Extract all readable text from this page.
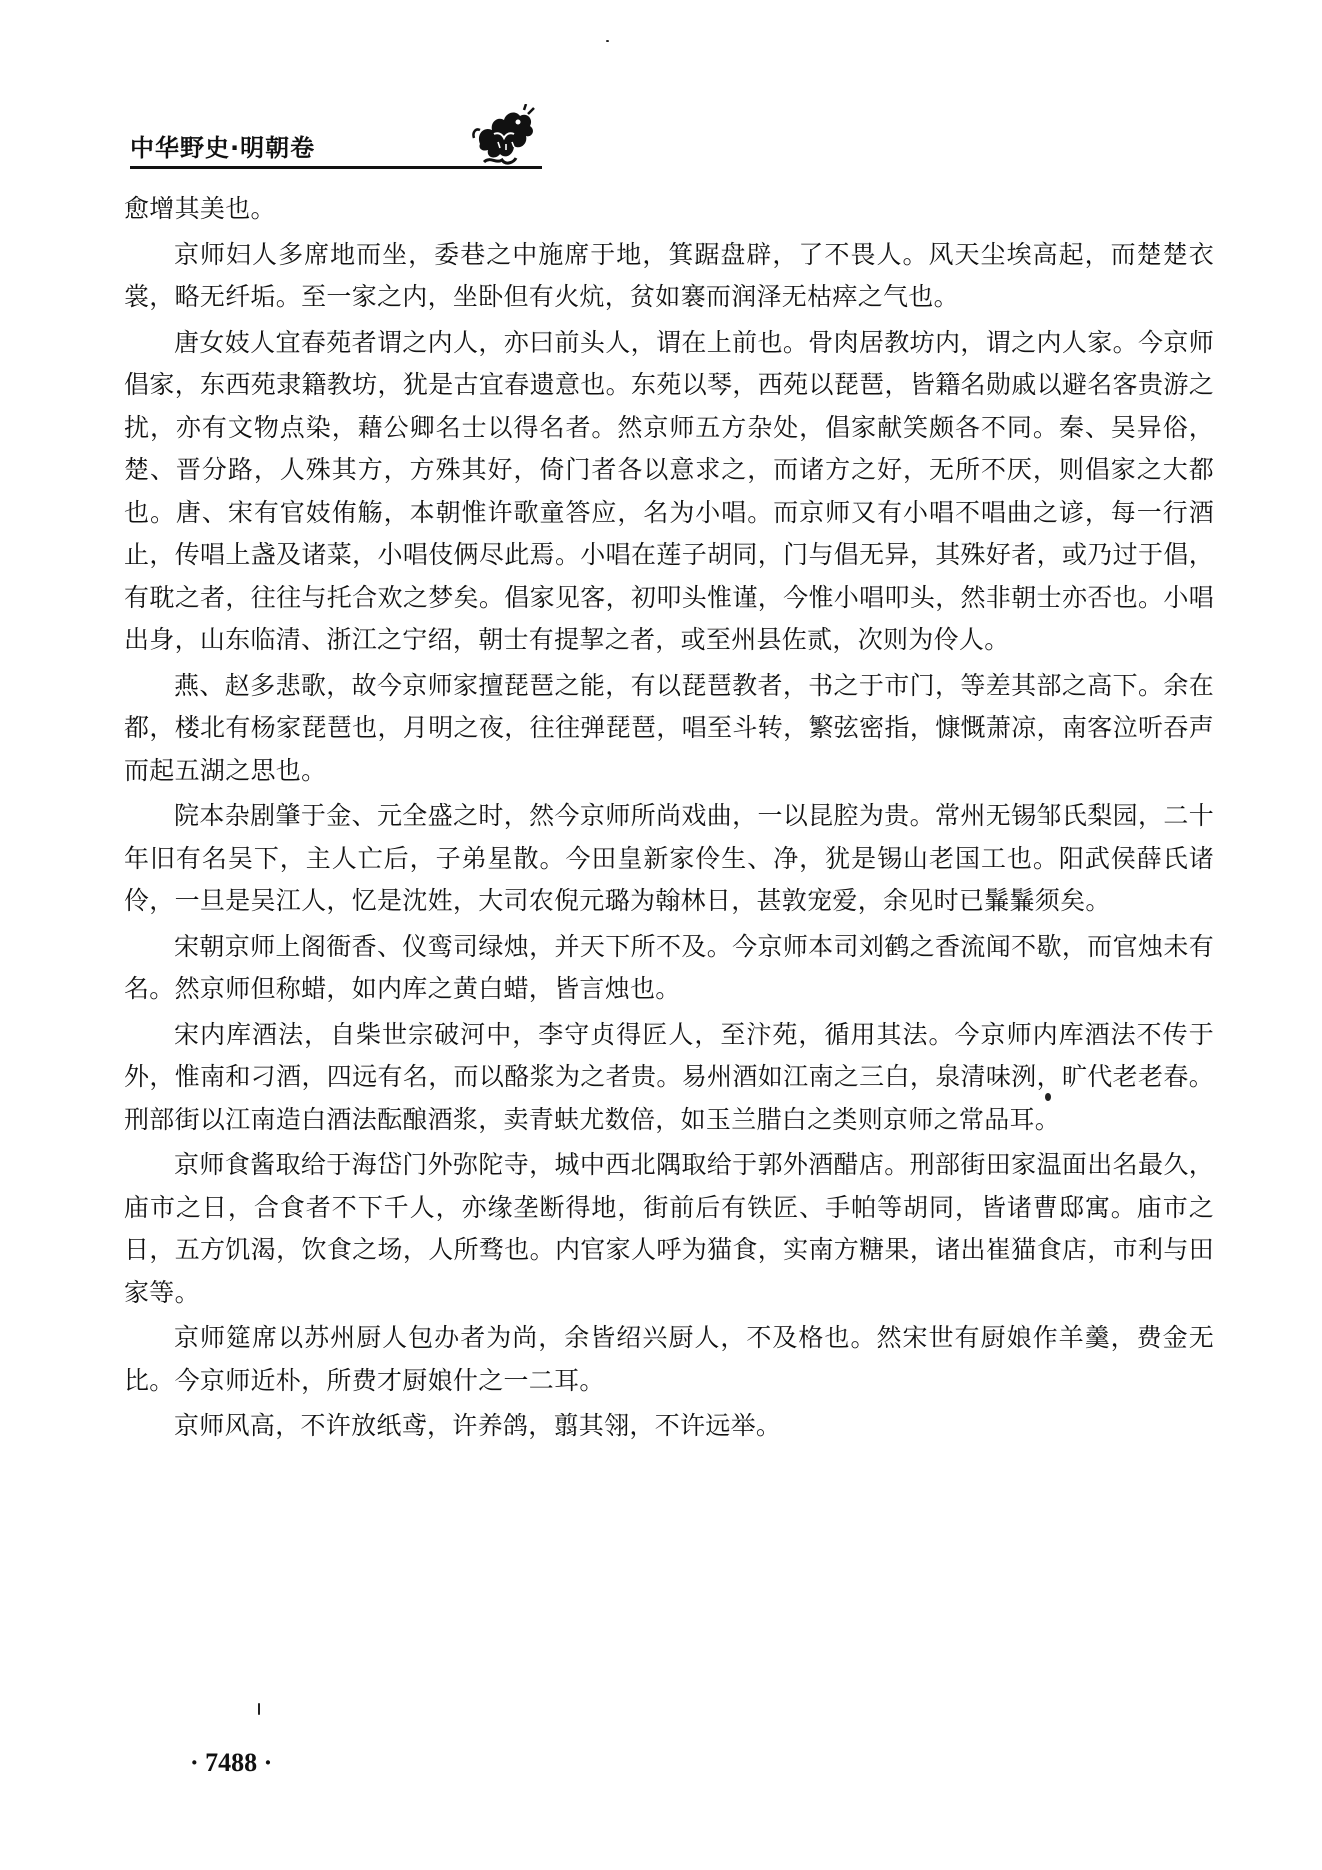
中华野史·明朝卷

愈增其美也。

京师妇人多席地而坐，委巷之中施席于地，箕踞盘辟，了不畏人。风天尘埃高起，而楚楚衣裳，略无纤垢。至一家之内，坐卧但有火炕，贫如褰而润泽无枯瘁之气也。

唐女妓人宜春苑者谓之内人，亦曰前头人，谓在上前也。骨肉居教坊内，谓之内人家。今京师倡家，东西苑隶籍教坊，犹是古宜春遗意也。东苑以琴，西苑以琵琶，皆籍名勋戚以避名客贵游之扰，亦有文物点染，藉公卿名士以得名者。然京师五方杂处，倡家献笑颇各不同。秦、吴异俗，楚、晋分路，人殊其方，方殊其好，倚门者各以意求之，而诸方之好，无所不厌，则倡家之大都也。唐、宋有官妓侑觞，本朝惟许歌童答应，名为小唱。而京师又有小唱不唱曲之谚，每一行酒止，传唱上盏及诸菜，小唱伎俩尽此焉。小唱在莲子胡同，门与倡无异，其殊好者，或乃过于倡，有耽之者，往往与托合欢之梦矣。倡家见客，初叩头惟谨，今惟小唱叩头，然非朝士亦否也。小唱出身，山东临清、浙江之宁绍，朝士有提挈之者，或至州县佐贰，次则为伶人。

燕、赵多悲歌，故今京师家擅琵琶之能，有以琵琶教者，书之于市门，等差其部之高下。余在都，楼北有杨家琵琶也，月明之夜，往往弹琵琶，唱至斗转，繁弦密指，慷慨萧凉，南客泣听吞声而起五湖之思也。

院本杂剧肇于金、元全盛之时，然今京师所尚戏曲，一以昆腔为贵。常州无锡邹氏梨园，二十年旧有名吴下，主人亡后，子弟星散。今田皇新家伶生、净，犹是锡山老国工也。阳武侯薛氏诸伶，一旦是吴江人，忆是沈姓，大司农倪元璐为翰林日，甚敦宠爱，余见时已鬑鬑须矣。

宋朝京师上阁衙香、仪鸾司绿烛，并天下所不及。今京师本司刘鹤之香流闻不歇，而官烛未有名。然京师但称蜡，如内库之黄白蜡，皆言烛也。

宋内库酒法，自柴世宗破河中，李守贞得匠人，至汴苑，循用其法。今京师内库酒法不传于外，惟南和刁酒，四远有名，而以酪浆为之者贵。易州酒如江南之三白，泉清味洌，旷代老老春。刑部街以江南造白酒法酝酿酒浆，卖青蚨尤数倍，如玉兰腊白之类则京师之常品耳。

京师食酱取给于海岱门外弥陀寺，城中西北隅取给于郭外酒醋店。刑部街田家温面出名最久，庙市之日，合食者不下千人，亦缘垄断得地，街前后有铁匠、手帕等胡同，皆诸曹邸寓。庙市之日，五方饥渴，饮食之场，人所骛也。内官家人呼为猫食，实南方糖果，诸出崔猫食店，市利与田家等。

京师筵席以苏州厨人包办者为尚，余皆绍兴厨人，不及格也。然宋世有厨娘作羊羹，费金无比。今京师近朴，所费才厨娘什之一二耳。

京师风高，不许放纸鸢，许养鸽，翦其翎，不许远举。

· 7488 ·
